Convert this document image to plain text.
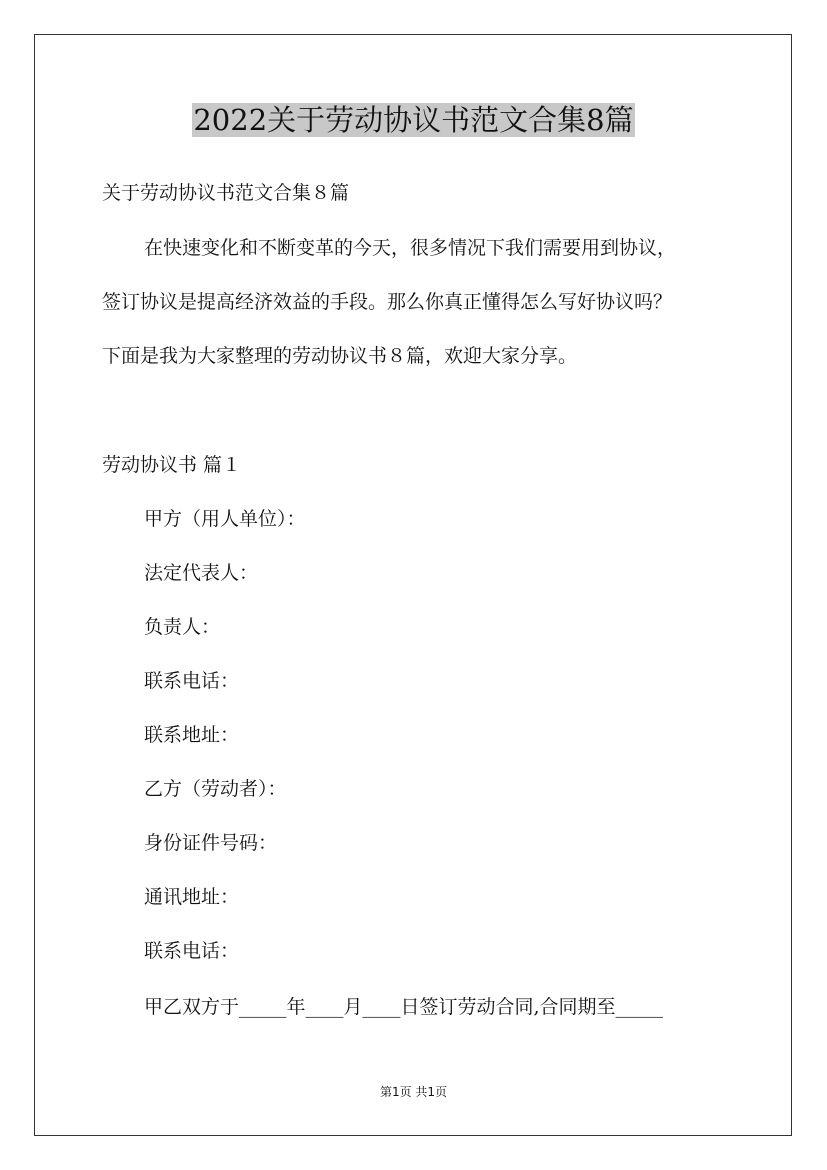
2022关于劳动协议书范文合集8篇
关于劳动协议书范文合集８篇
在快速变化和不断变革的今天，很多情况下我们需要用到协议，
签订协议是提高经济效益的手段。那么你真正懂得怎么写好协议吗？
下面是我为大家整理的劳动协议书８篇，欢迎大家分享。
劳动协议书 篇１
甲方（用人单位）：
法定代表人：
负责人：
联系电话：
联系地址：
乙方（劳动者）：
身份证件号码：
通讯地址：
联系电话：
甲乙双方于_____年____月____日签订劳动合同,合同期至_____
第1页 共1页
